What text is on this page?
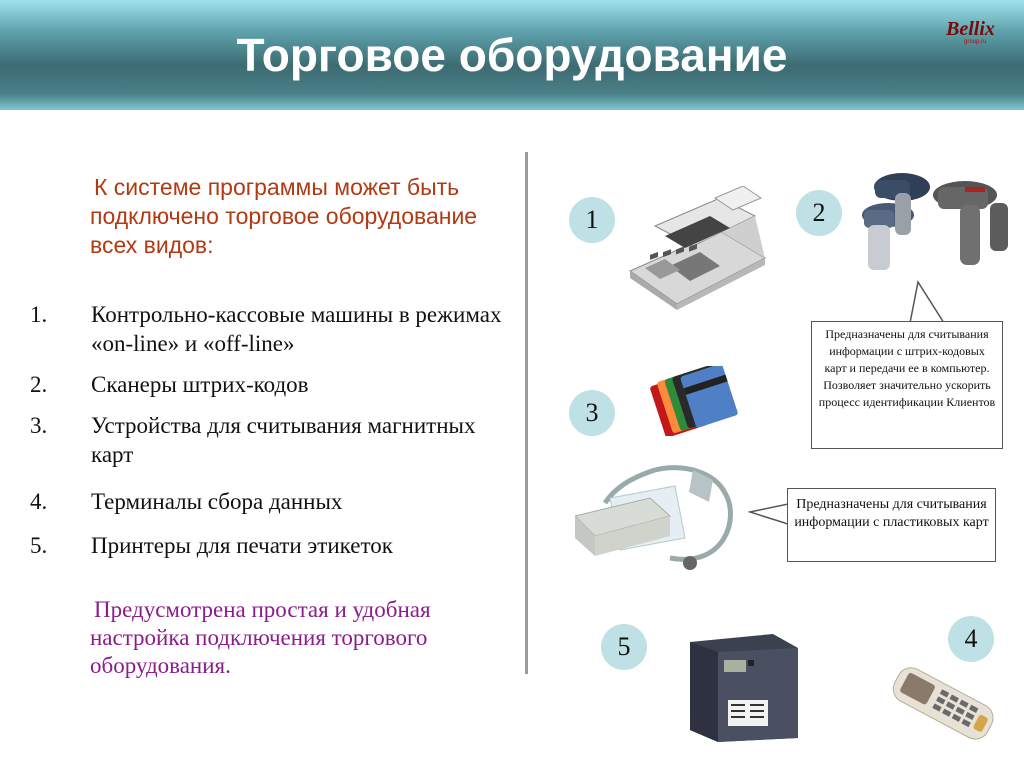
Торговое оборудование	Bellix
group.ru
К системе программы может быть подключено торговое оборудование всех видов:
1. Контрольно-кассовые машины в режимах «on-line» и «off-line»
2. Сканеры штрих-кодов
3. Устройства для считывания магнитных карт
4. Терминалы сбора данных
5. Принтеры для печати этикеток
Предусмотрена простая и удобная настройка подключения торгового оборудования.
1	2
3
4
5
Предназначены для считывания информации с штрих-кодовых карт и передачи ее в компьютер. Позволяет значительно ускорить процесс идентификации Клиентов
Предназначены для считывания информации с пластиковых карт
